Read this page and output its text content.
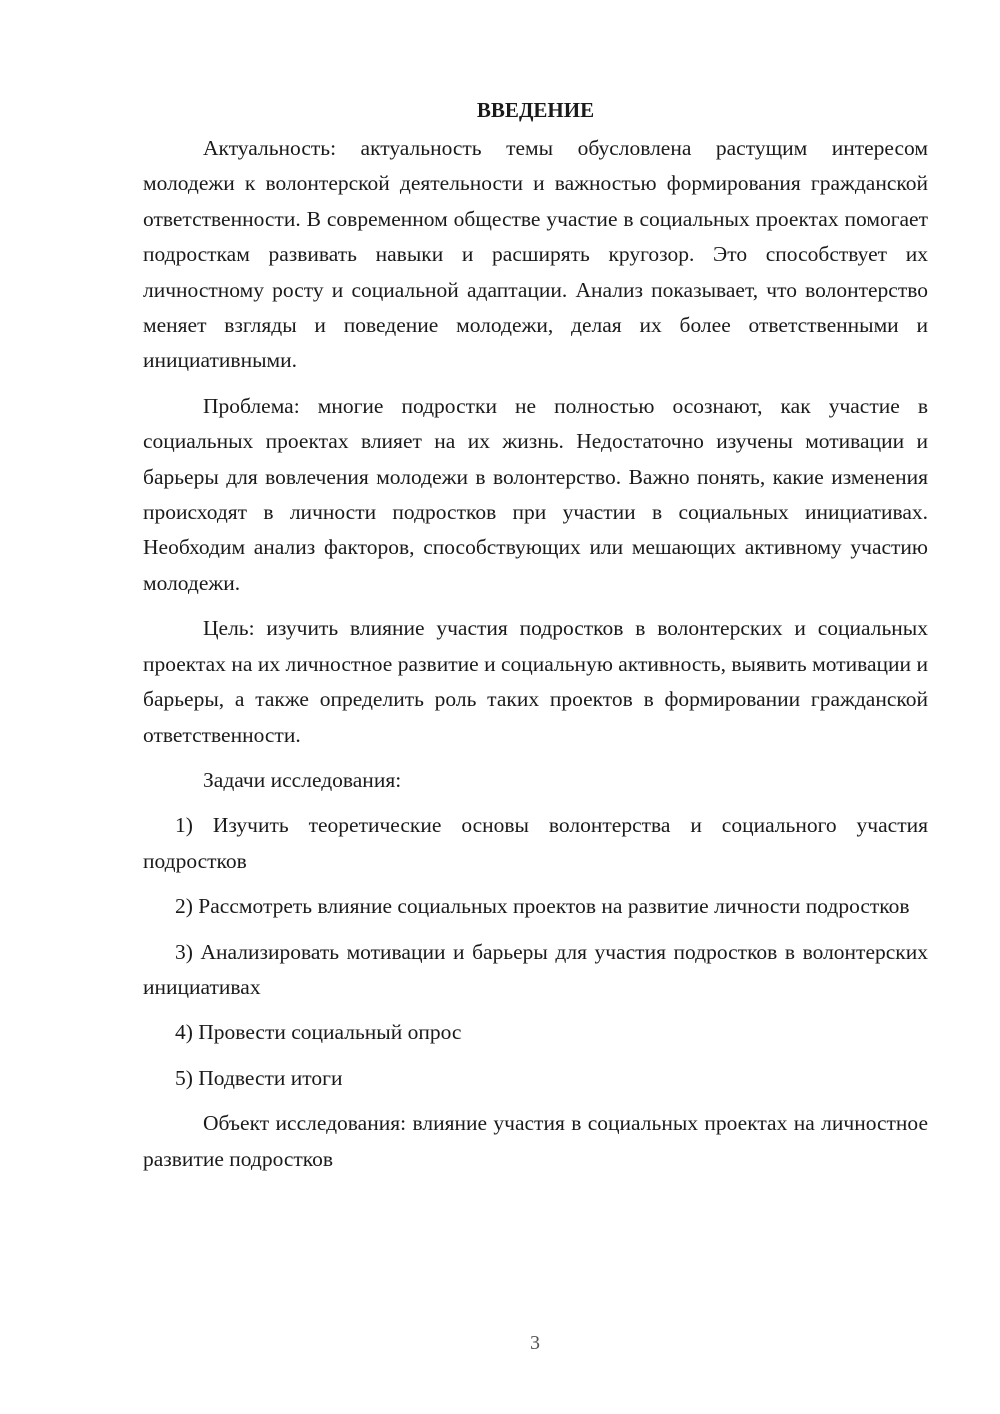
ВВЕДЕНИЕ

Актуальность: актуальность темы обусловлена растущим интересом молодежи к волонтерской деятельности и важностью формирования гражданской ответственности. В современном обществе участие в социальных проектах помогает подросткам развивать навыки и расширять кругозор. Это способствует их личностному росту и социальной адаптации. Анализ показывает, что волонтерство меняет взгляды и поведение молодежи, делая их более ответственными и инициативными.

Проблема: многие подростки не полностью осознают, как участие в социальных проектах влияет на их жизнь. Недостаточно изучены мотивации и барьеры для вовлечения молодежи в волонтерство. Важно понять, какие изменения происходят в личности подростков при участии в социальных инициативах. Необходим анализ факторов, способствующих или мешающих активному участию молодежи.

Цель: изучить влияние участия подростков в волонтерских и социальных проектах на их личностное развитие и социальную активность, выявить мотивации и барьеры, а также определить роль таких проектов в формировании гражданской ответственности.

Задачи исследования:

1) Изучить теоретические основы волонтерства и социального участия подростков

2) Рассмотреть влияние социальных проектов на развитие личности подростков

3) Анализировать мотивации и барьеры для участия подростков в волонтерских инициативах

4) Провести социальный опрос

5) Подвести итоги

Объект исследования: влияние участия в социальных проектах на личностное развитие подростков

3
